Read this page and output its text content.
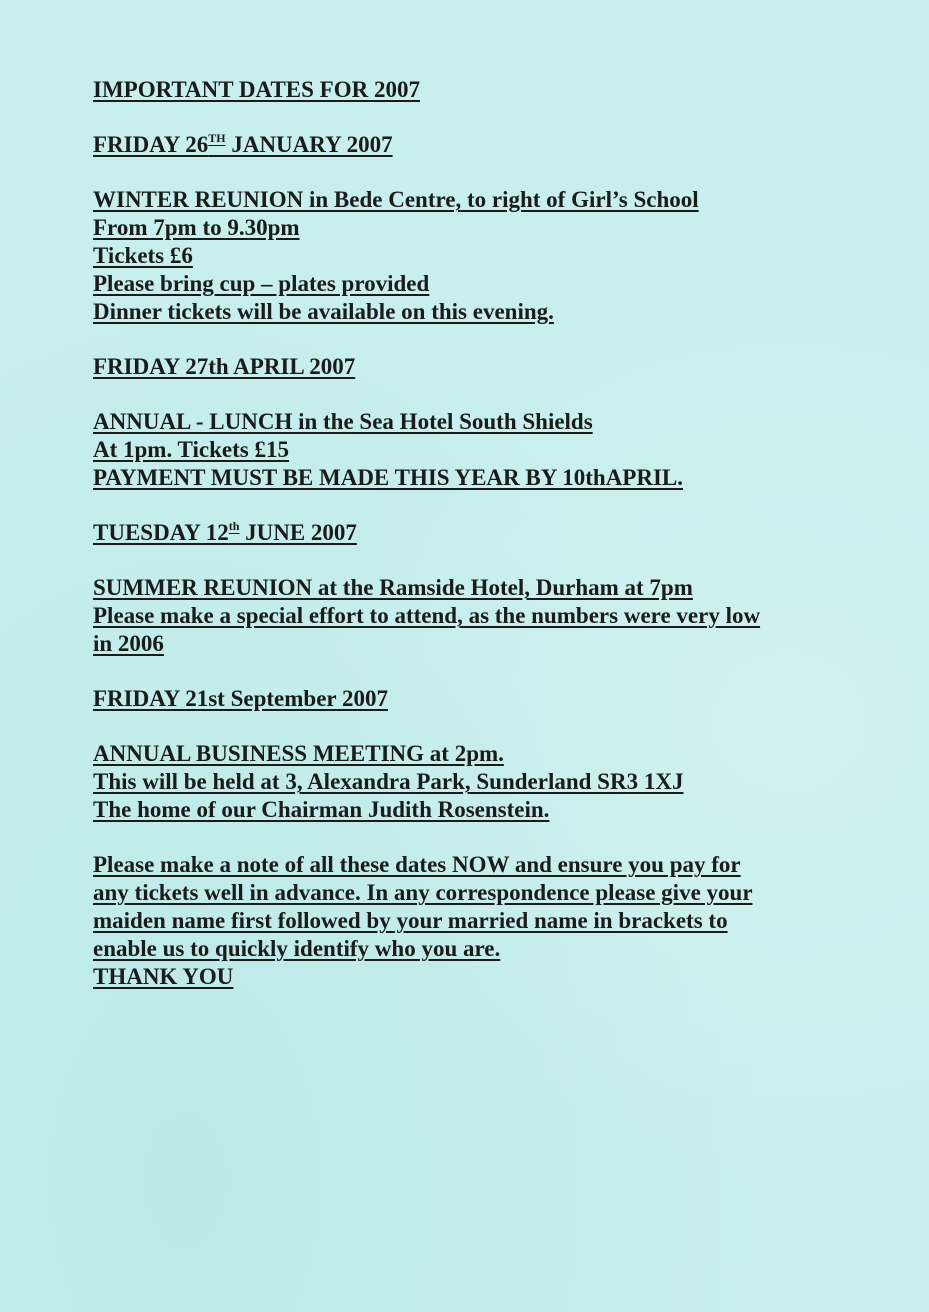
IMPORTANT DATES FOR 2007
FRIDAY 26TH JANUARY 2007
WINTER REUNION in Bede Centre, to right of Girl’s School
From 7pm to 9.30pm
Tickets £6
Please bring cup – plates provided
Dinner tickets will be available on this evening.
FRIDAY 27th APRIL 2007
ANNUAL - LUNCH in the Sea Hotel South Shields
At 1pm. Tickets £15
PAYMENT MUST BE MADE THIS YEAR BY 10thAPRIL.
TUESDAY 12th JUNE 2007
SUMMER REUNION at the Ramside Hotel, Durham at 7pm
Please make a special effort to attend, as the numbers were very low
in 2006
FRIDAY 21st September 2007
ANNUAL BUSINESS MEETING at 2pm.
This will be held at 3, Alexandra Park, Sunderland SR3 1XJ
The home of our Chairman Judith Rosenstein.
Please make a note of all these dates NOW and ensure you pay for
any tickets well in advance. In any correspondence please give your
maiden name first followed by your married name in brackets to
enable us to quickly identify who you are.
THANK YOU
